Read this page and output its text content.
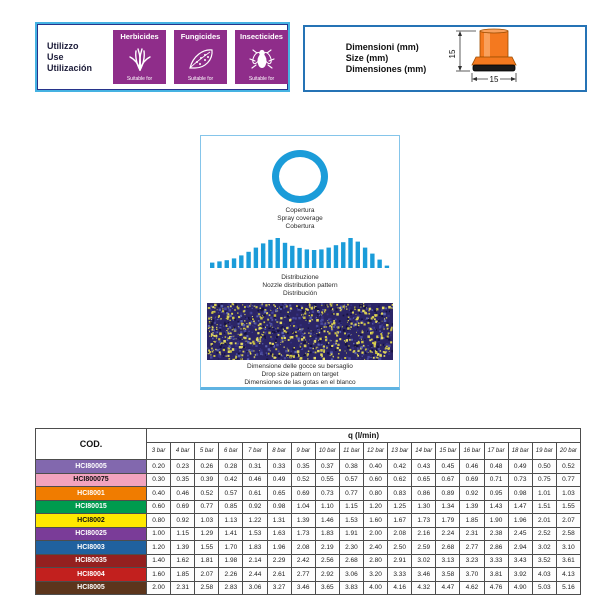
Utilizzo
Use
Utilización
Herbicides
Suitable for
Fungicides
Suitable for
Insecticides
Suitable for
Dimensioni (mm)
Size (mm)
Dimensiones (mm)
15
15
Copertura
Spray coverage
Cobertura
Distribuzione
Nozzle distribution pattern
Distribución
Dimensione delle gocce su bersaglio
Drop size pattern on target
Dimensiones de las gotas en el blanco
COD.	q (l/min)																	
	3 bar	4 bar	5 bar	6 bar	7 bar	8 bar	9 bar	10 bar	11 bar	12 bar	13 bar	14 bar	15 bar	16 bar	17 bar	18 bar	19 bar	20 bar
HCI80005	0.20	0.23	0.26	0.28	0.31	0.33	0.35	0.37	0.38	0.40	0.42	0.43	0.45	0.46	0.48	0.49	0.50	0.52
HCI800075	0.30	0.35	0.39	0.42	0.46	0.49	0.52	0.55	0.57	0.60	0.62	0.65	0.67	0.69	0.71	0.73	0.75	0.77
HCI8001	0.40	0.46	0.52	0.57	0.61	0.65	0.69	0.73	0.77	0.80	0.83	0.86	0.89	0.92	0.95	0.98	1.01	1.03
HCI80015	0.60	0.69	0.77	0.85	0.92	0.98	1.04	1.10	1.15	1.20	1.25	1.30	1.34	1.39	1.43	1.47	1.51	1.55
HCI8002	0.80	0.92	1.03	1.13	1.22	1.31	1.39	1.46	1.53	1.60	1.67	1.73	1.79	1.85	1.90	1.96	2.01	2.07
HCI80025	1.00	1.15	1.29	1.41	1.53	1.63	1.73	1.83	1.91	2.00	2.08	2.16	2.24	2.31	2.38	2.45	2.52	2.58
HCI8003	1.20	1.39	1.55	1.70	1.83	1.96	2.08	2.19	2.30	2.40	2.50	2.59	2.68	2.77	2.86	2.94	3.02	3.10
HCI80035	1.40	1.62	1.81	1.98	2.14	2.29	2.42	2.56	2.68	2.80	2.91	3.02	3.13	3.23	3.33	3.43	3.52	3.61
HCI8004	1.60	1.85	2.07	2.26	2.44	2.61	2.77	2.92	3.06	3.20	3.33	3.46	3.58	3.70	3.81	3.92	4.03	4.13
HCI8005	2.00	2.31	2.58	2.83	3.06	3.27	3.46	3.65	3.83	4.00	4.16	4.32	4.47	4.62	4.76	4.90	5.03	5.16
